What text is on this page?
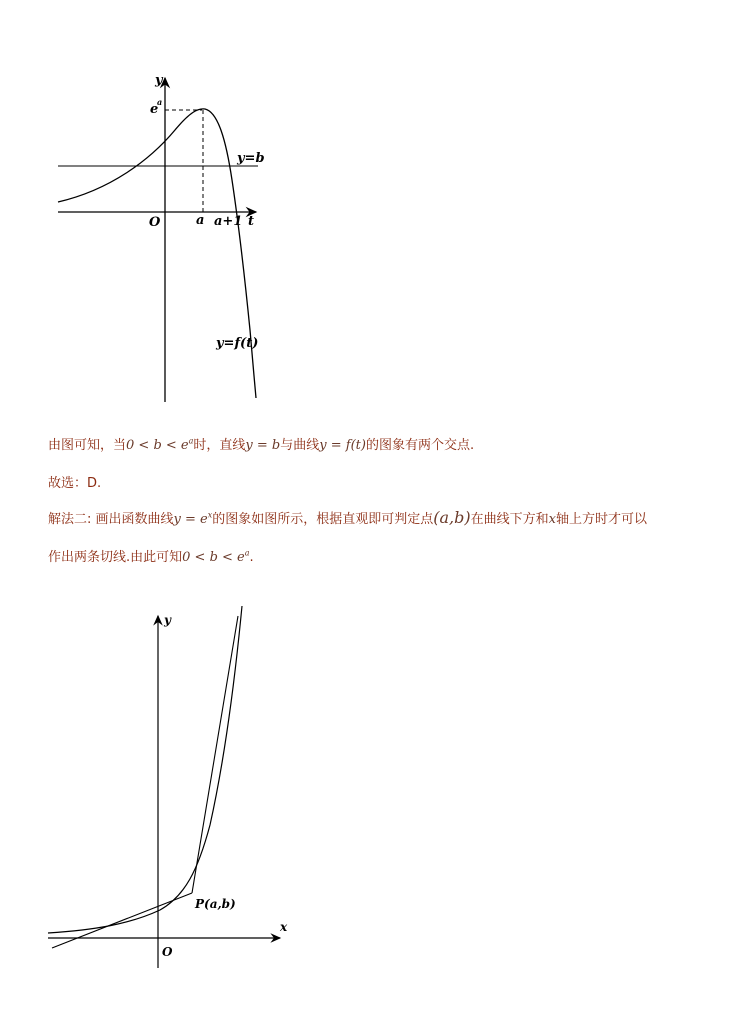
y
e
a
y=b
O	a a+1 t
y=f(t)
由图可知，当$0 < b < e^a$时，直线y = b与曲线y = f(t)的图象有两个交点.
故选：D.
解法二: 画出函数曲线$y = e^x$的图象如图所示，根据直观即可判定点(a,b)在曲线下方和x轴上方时才可以
作出两条切线.由此可知$0 < b < e^a$.
y
x
O
P(a,b)
